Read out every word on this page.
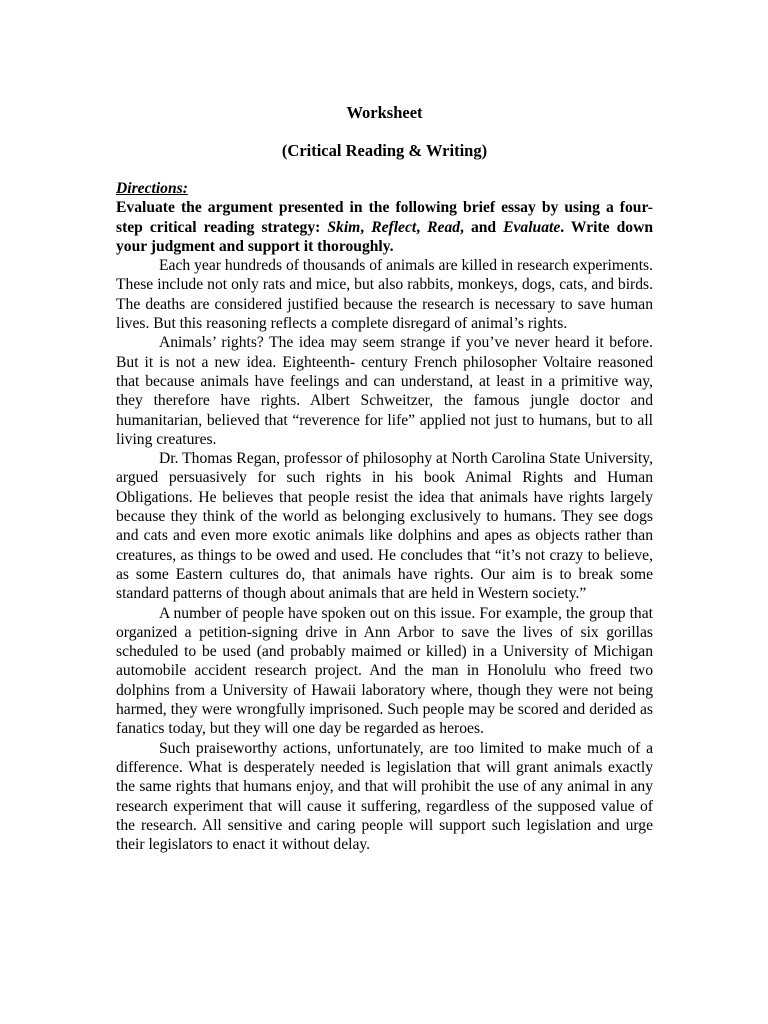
Worksheet
(Critical Reading & Writing)

Directions:

Evaluate the argument presented in the following brief essay by using a four-step critical reading strategy: Skim, Reflect, Read, and Evaluate. Write down your judgment and support it thoroughly.

Each year hundreds of thousands of animals are killed in research experiments. These include not only rats and mice, but also rabbits, monkeys, dogs, cats, and birds. The deaths are considered justified because the research is necessary to save human lives. But this reasoning reflects a complete disregard of animal’s rights.

Animals’ rights? The idea may seem strange if you’ve never heard it before. But it is not a new idea. Eighteenth- century French philosopher Voltaire reasoned that because animals have feelings and can understand, at least in a primitive way, they therefore have rights. Albert Schweitzer, the famous jungle doctor and humanitarian, believed that “reverence for life” applied not just to humans, but to all living creatures.

Dr. Thomas Regan, professor of philosophy at North Carolina State University, argued persuasively for such rights in his book Animal Rights and Human Obligations. He believes that people resist the idea that animals have rights largely because they think of the world as belonging exclusively to humans. They see dogs and cats and even more exotic animals like dolphins and apes as objects rather than creatures, as things to be owed and used. He concludes that “it’s not crazy to believe, as some Eastern cultures do, that animals have rights. Our aim is to break some standard patterns of though about animals that are held in Western society.”

A number of people have spoken out on this issue. For example, the group that organized a petition-signing drive in Ann Arbor to save the lives of six gorillas scheduled to be used (and probably maimed or killed) in a University of Michigan automobile accident research project. And the man in Honolulu who freed two dolphins from a University of Hawaii laboratory where, though they were not being harmed, they were wrongfully imprisoned. Such people may be scored and derided as fanatics today, but they will one day be regarded as heroes.

Such praiseworthy actions, unfortunately, are too limited to make much of a difference. What is desperately needed is legislation that will grant animals exactly the same rights that humans enjoy, and that will prohibit the use of any animal in any research experiment that will cause it suffering, regardless of the supposed value of the research. All sensitive and caring people will support such legislation and urge their legislators to enact it without delay.
